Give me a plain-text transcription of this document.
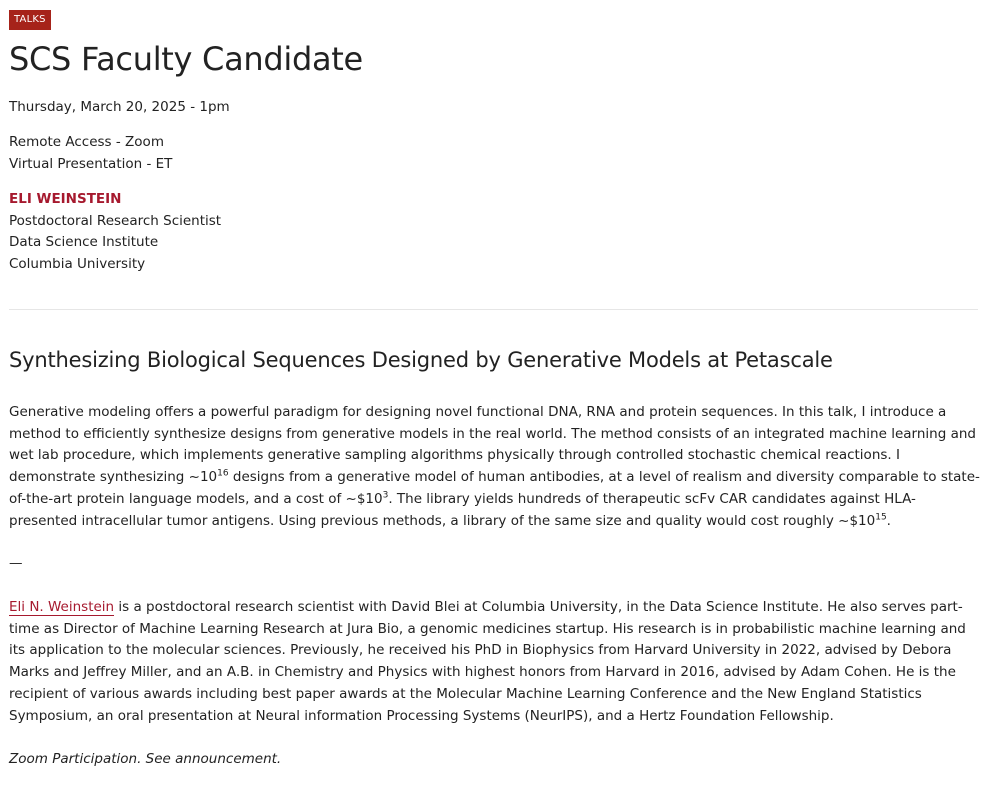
TALKS
SCS Faculty Candidate
Thursday, March 20, 2025 - 1pm
Remote Access - Zoom
Virtual Presentation - ET
ELI WEINSTEIN
Postdoctoral Research Scientist
Data Science Institute
Columbia University
Synthesizing Biological Sequences Designed by Generative Models at Petascale

Generative modeling offers a powerful paradigm for designing novel functional DNA, RNA and protein sequences. In this talk, I introduce a method to efficiently synthesize designs from generative models in the real world. The method consists of an integrated machine learning and wet lab procedure, which implements generative sampling algorithms physically through controlled stochastic chemical reactions. I demonstrate synthesizing $\sim 10^{16}$ designs from a generative model of human antibodies, at a level of realism and diversity comparable to state-of-the-art protein language models, and a cost of $\sim\$10^3$. The library yields hundreds of therapeutic scFv CAR candidates against HLA-presented intracellular tumor antigens. Using previous methods, a library of the same size and quality would cost roughly $\sim\$10^{15}$.

—

Eli N. Weinstein is a postdoctoral research scientist with David Blei at Columbia University, in the Data Science Institute. He also serves part-time as Director of Machine Learning Research at Jura Bio, a genomic medicines startup. His research is in probabilistic machine learning and its application to the molecular sciences. Previously, he received his PhD in Biophysics from Harvard University in 2022, advised by Debora Marks and Jeffrey Miller, and an A.B. in Chemistry and Physics with highest honors from Harvard in 2016, advised by Adam Cohen. He is the recipient of various awards including best paper awards at the Molecular Machine Learning Conference and the New England Statistics Symposium, an oral presentation at Neural information Processing Systems (NeurIPS), and a Hertz Foundation Fellowship.

Zoom Participation. See announcement.
